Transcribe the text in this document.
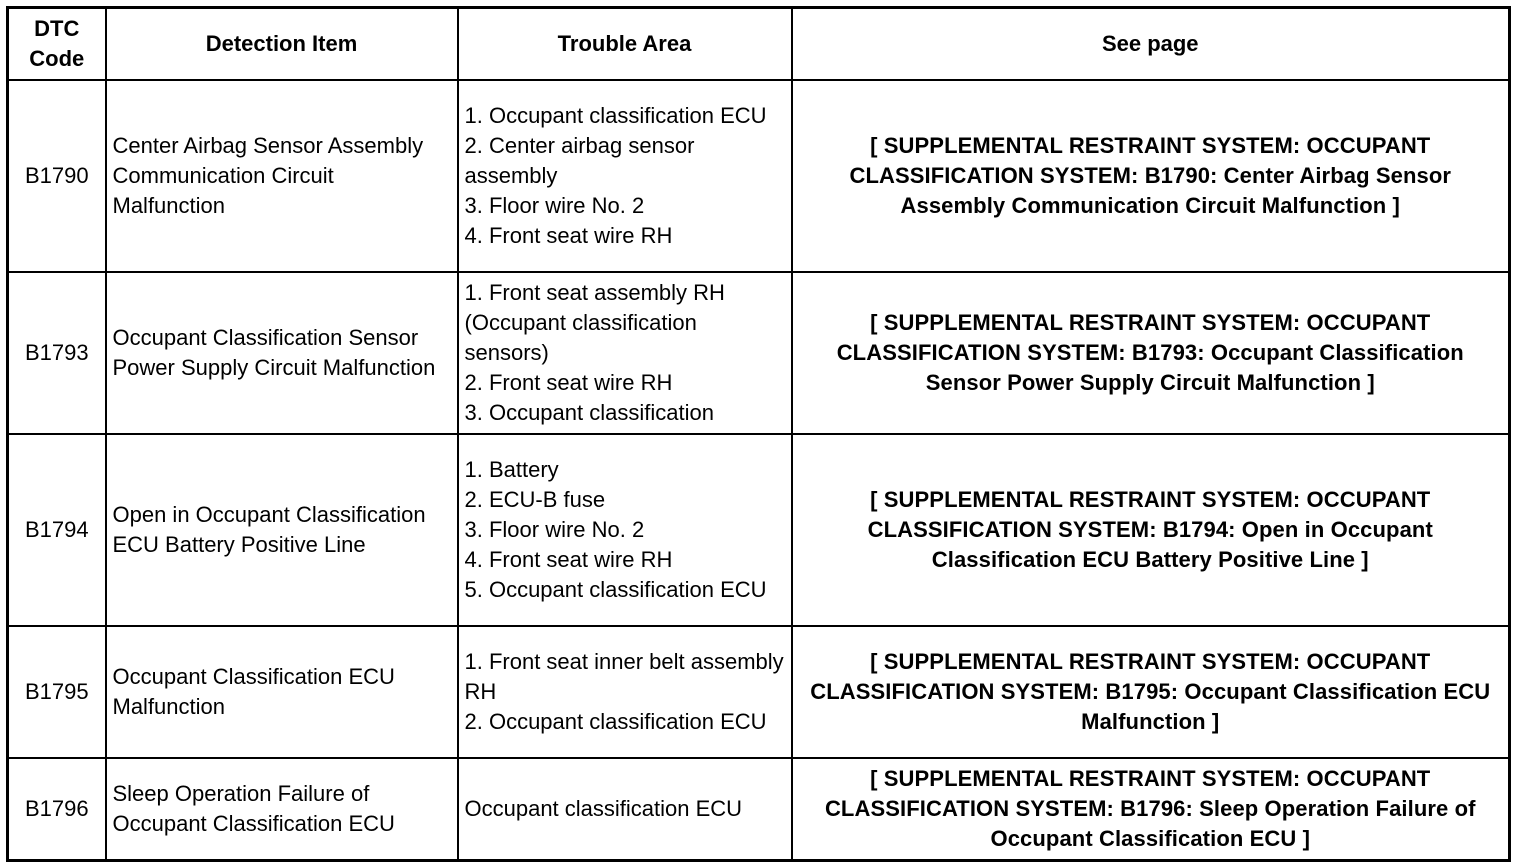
DTC Code	Detection Item	Trouble Area	See page
B1790	Center Airbag Sensor Assembly Communication Circuit Malfunction	1. Occupant classification ECU
2. Center airbag sensor assembly
3. Floor wire No. 2
4. Front seat wire RH	[ SUPPLEMENTAL RESTRAINT SYSTEM: OCCUPANT CLASSIFICATION SYSTEM: B1790: Center Airbag Sensor Assembly Communication Circuit Malfunction ]
B1793	Occupant Classification Sensor Power Supply Circuit Malfunction	1. Front seat assembly RH (Occupant classification sensors)
2. Front seat wire RH
3. Occupant classification	[ SUPPLEMENTAL RESTRAINT SYSTEM: OCCUPANT CLASSIFICATION SYSTEM: B1793: Occupant Classification Sensor Power Supply Circuit Malfunction ]
B1794	Open in Occupant Classification ECU Battery Positive Line	1. Battery
2. ECU-B fuse
3. Floor wire No. 2
4. Front seat wire RH
5. Occupant classification ECU	[ SUPPLEMENTAL RESTRAINT SYSTEM: OCCUPANT CLASSIFICATION SYSTEM: B1794: Open in Occupant Classification ECU Battery Positive Line ]
B1795	Occupant Classification ECU Malfunction	1. Front seat inner belt assembly RH
2. Occupant classification ECU	[ SUPPLEMENTAL RESTRAINT SYSTEM: OCCUPANT CLASSIFICATION SYSTEM: B1795: Occupant Classification ECU Malfunction ]
B1796	Sleep Operation Failure of Occupant Classification ECU	Occupant classification ECU	[ SUPPLEMENTAL RESTRAINT SYSTEM: OCCUPANT CLASSIFICATION SYSTEM: B1796: Sleep Operation Failure of Occupant Classification ECU ]
